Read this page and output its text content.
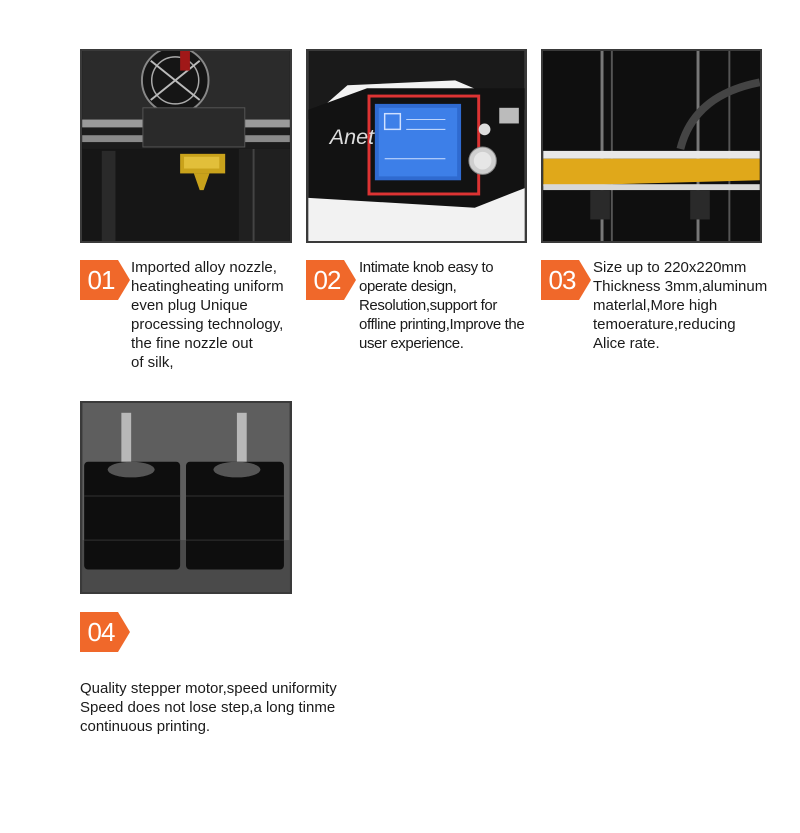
Anet
01	Imported alloy nozzle,
heatingheating uniform
even plug Unique
processing technology,
the fine nozzle out
of silk,

02	Intimate knob easy to
operate design,
Resolution,support for
offline printing,Improve the
user experience.

03	Size up to 220x220mm
Thickness 3mm,aluminum
materlal,More high
temoerature,reducing
Alice rate.

04

Quality stepper motor,speed uniformity
Speed does not lose step,a long tinme
continuous printing.
